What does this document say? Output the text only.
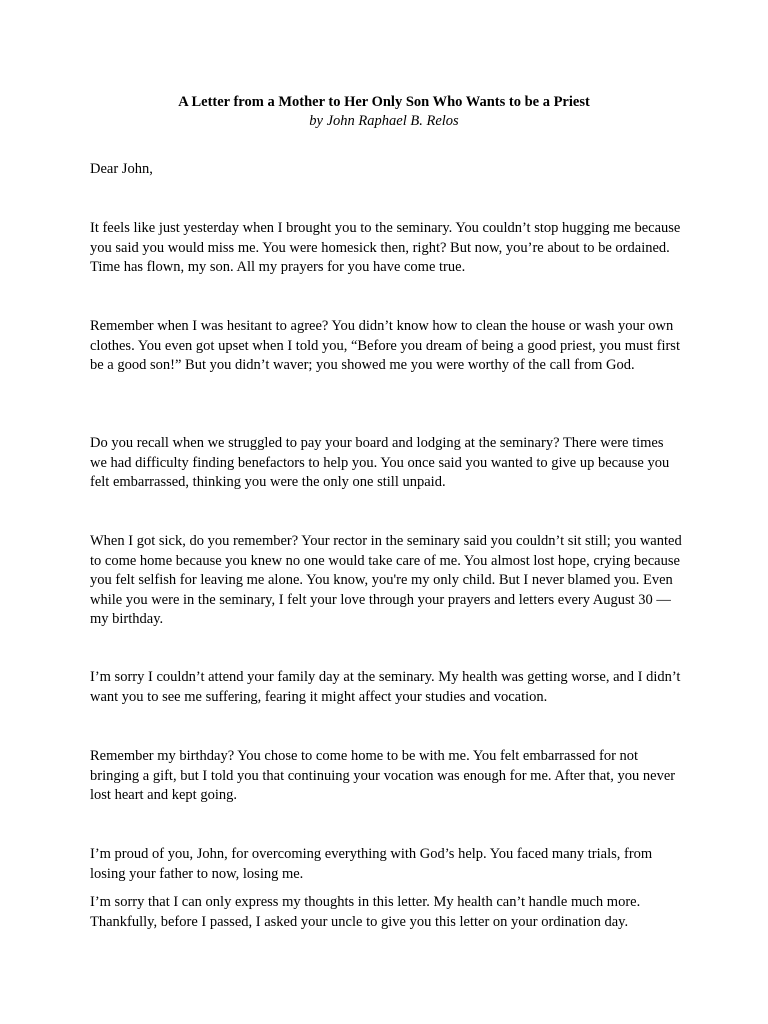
A Letter from a Mother to Her Only Son Who Wants to be a Priest
by John Raphael B. Relos

Dear John,

It feels like just yesterday when I brought you to the seminary. You couldn’t stop hugging me because you said you would miss me. You were homesick then, right? But now, you’re about to be ordained. Time has flown, my son. All my prayers for you have come true.

Remember when I was hesitant to agree? You didn’t know how to clean the house or wash your own clothes. You even got upset when I told you, “Before you dream of being a good priest, you must first be a good son!” But you didn’t waver; you showed me you were worthy of the call from God.

Do you recall when we struggled to pay your board and lodging at the seminary? There were times we had difficulty finding benefactors to help you. You once said you wanted to give up because you felt embarrassed, thinking you were the only one still unpaid.

When I got sick, do you remember? Your rector in the seminary said you couldn’t sit still; you wanted to come home because you knew no one would take care of me. You almost lost hope, crying because you felt selfish for leaving me alone. You know, you're my only child. But I never blamed you. Even while you were in the seminary, I felt your love through your prayers and letters every August 30 — my birthday.

I’m sorry I couldn’t attend your family day at the seminary. My health was getting worse, and I didn’t want you to see me suffering, fearing it might affect your studies and vocation.

Remember my birthday? You chose to come home to be with me. You felt embarrassed for not bringing a gift, but I told you that continuing your vocation was enough for me. After that, you never lost heart and kept going.

I’m proud of you, John, for overcoming everything with God’s help. You faced many trials, from losing your father to now, losing me.

I’m sorry that I can only express my thoughts in this letter. My health can’t handle much more. Thankfully, before I passed, I asked your uncle to give you this letter on your ordination day.
